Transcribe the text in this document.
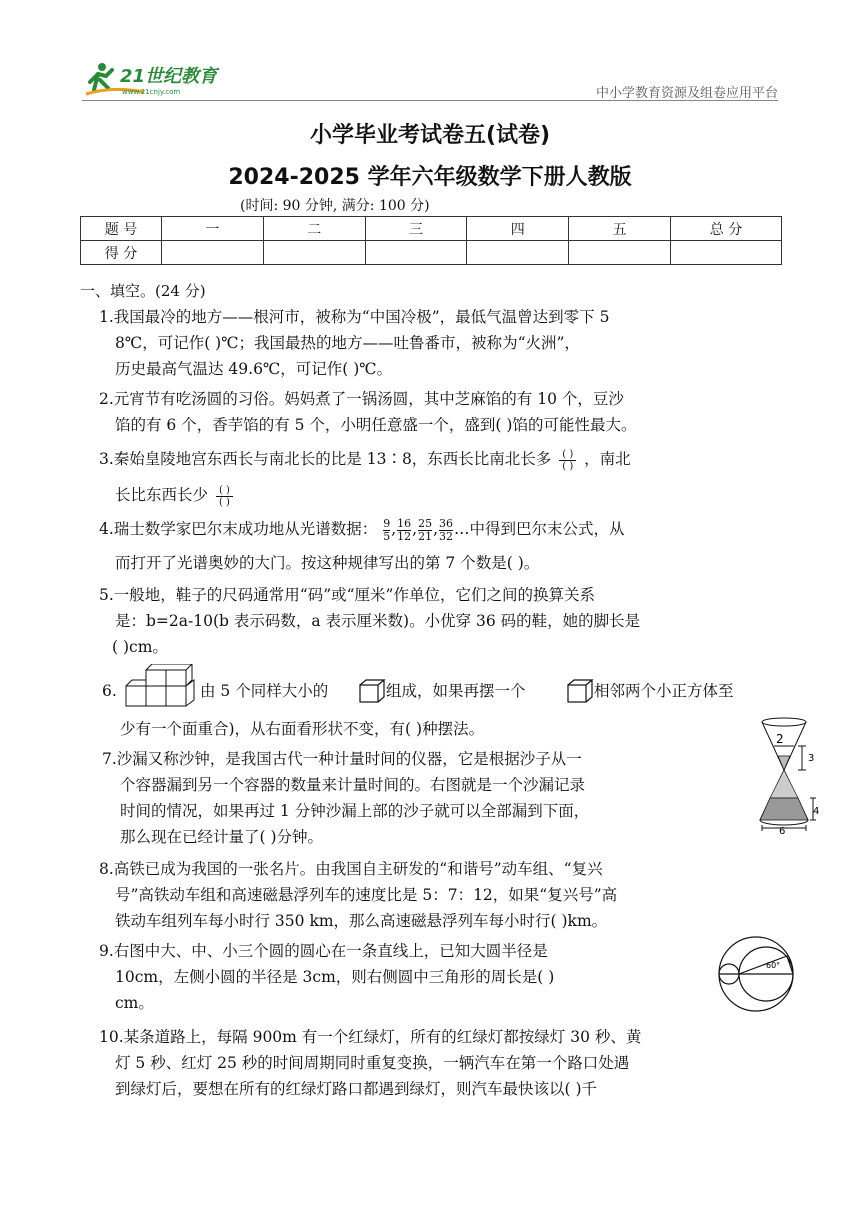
21世纪教育
www.21cnjy.com	中小学教育资源及组卷应用平台
小学毕业考试卷五(试卷)
2024-2025 学年六年级数学下册人教版
(时间: 90 分钟, 满分: 100 分)
题 号	一	二	三	四	五	总 分
得 分						
一、填空。(24 分)
1.我国最冷的地方——根河市，被称为“中国冷极”，最低气温曾达到零下 5
8℃，可记作( )℃；我国最热的地方——吐鲁番市，被称为“火洲”，
历史最高气温达 49.6℃，可记作( )℃。
2.元宵节有吃汤圆的习俗。妈妈煮了一锅汤圆，其中芝麻馅的有 10 个，豆沙
馅的有 6 个，香芋馅的有 5 个，小明任意盛一个，盛到( )馅的可能性最大。
3.秦始皇陵地宫东西长与南北长的比是 13∶8，东西长比南北长多 $\frac{( )}{( )}$ ，南北
长比东西长少 $\frac{( )}{( )}$
4.瑞士数学家巴尔末成功地从光谱数据： $\frac{9}{5}$ , $\frac{16}{12}$ , $\frac{25}{21}$ , $\frac{36}{32}$ …中得到巴尔末公式，从
而打开了光谱奥妙的大门。按这种规律写出的第 7 个数是( )。
5.一般地，鞋子的尺码通常用“码”或“厘米”作单位，它们之间的换算关系
是：b=2a-10(b 表示码数，a 表示厘米数)。小优穿 36 码的鞋，她的脚长是
( )cm。
6.	由 5 个同样大小的	组成，如果再摆一个	相邻两个小正方体至
少有一个面重合)，从右面看形状不变，有( )种摆法。
2
3
4
6
7.沙漏又称沙钟，是我国古代一种计量时间的仪器，它是根据沙子从一
个容器漏到另一个容器的数量来计量时间的。右图就是一个沙漏记录
时间的情况，如果再过 1 分钟沙漏上部的沙子就可以全部漏到下面，
那么现在已经计量了( )分钟。
8.高铁已成为我国的一张名片。由我国自主研发的“和谐号”动车组、“复兴
号”高铁动车组和高速磁悬浮列车的速度比是 5：7：12，如果“复兴号”高
铁动车组列车每小时行 350 km，那么高速磁悬浮列车每小时行( )km。
60°
9.右图中大、中、小三个圆的圆心在一条直线上，已知大圆半径是
10cm，左侧小圆的半径是 3cm，则右侧圆中三角形的周长是( )
cm。
10.某条道路上，每隔 900m 有一个红绿灯，所有的红绿灯都按绿灯 30 秒、黄
灯 5 秒、红灯 25 秒的时间周期同时重复变换，一辆汽车在第一个路口处遇
到绿灯后，要想在所有的红绿灯路口都遇到绿灯，则汽车最快该以( )千
